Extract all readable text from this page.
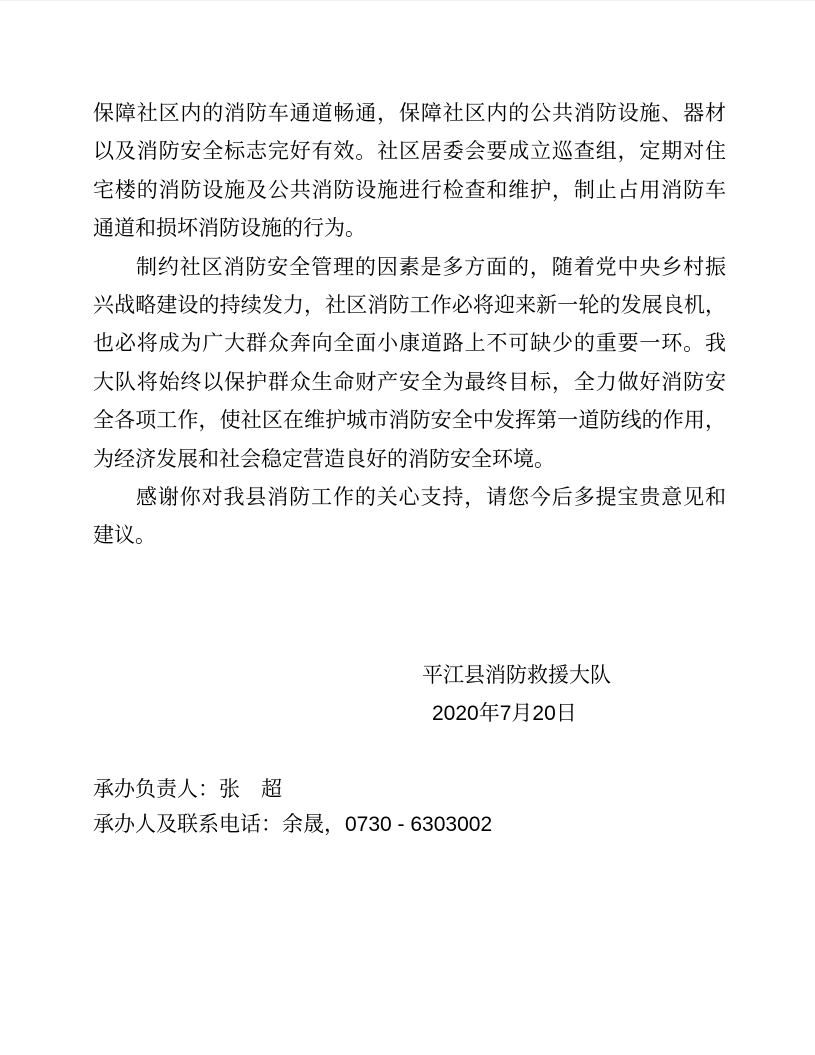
保障社区内的消防车通道畅通，保障社区内的公共消防设施、器材
以及消防安全标志完好有效。社区居委会要成立巡查组，定期对住
宅楼的消防设施及公共消防设施进行检查和维护，制止占用消防车
通道和损坏消防设施的行为。
制约社区消防安全管理的因素是多方面的，随着党中央乡村振
兴战略建设的持续发力，社区消防工作必将迎来新一轮的发展良机，
也必将成为广大群众奔向全面小康道路上不可缺少的重要一环。我
大队将始终以保护群众生命财产安全为最终目标，全力做好消防安
全各项工作，使社区在维护城市消防安全中发挥第一道防线的作用，
为经济发展和社会稳定营造良好的消防安全环境。
感谢你对我县消防工作的关心支持，请您今后多提宝贵意见和
建议。
平江县消防救援大队
2020年7月20日
承办负责人：张　超
承办人及联系电话：余晟，0730 - 6303002
